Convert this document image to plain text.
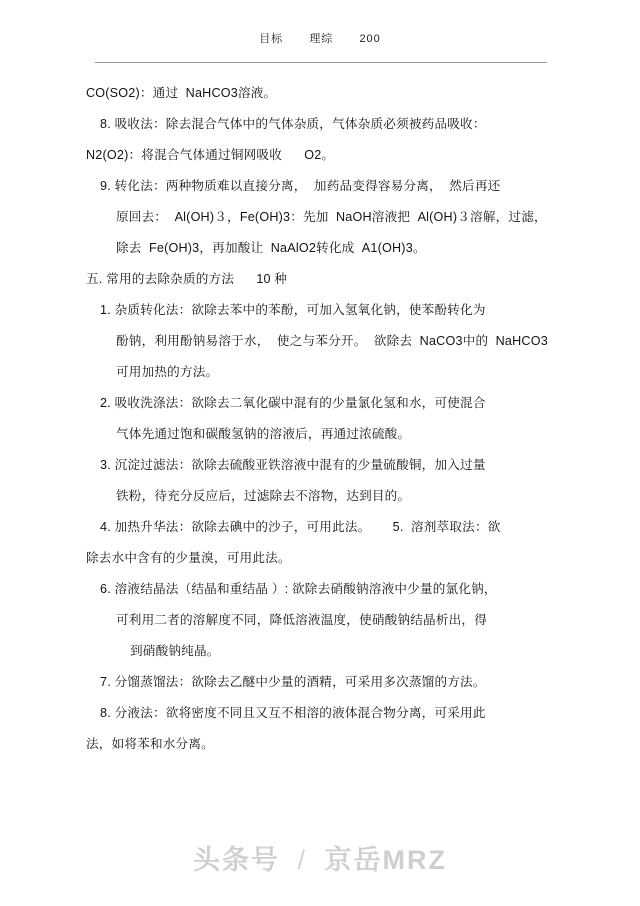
目标 理综 200
CO(SO2)：通过  NaHCO3溶液。
8. 吸收法：除去混合气体中的气体杂质，气体杂质必须被药品吸收：
N2(O2)：将混合气体通过铜网吸收      O2。
9. 转化法：两种物质难以直接分离，  加药品变得容易分离，  然后再还
原回去：  Al(OH)３，Fe(OH)3：先加  NaOH溶液把  Al(OH)３溶解，过滤，
除去  Fe(OH)3，再加酸让  NaAlO2转化成  A1(OH)3。
五. 常用的去除杂质的方法      10 种
1. 杂质转化法：欲除去苯中的苯酚，可加入氢氧化钠，使苯酚转化为
酚钠，利用酚钠易溶于水，  使之与苯分开。  欲除去  NaCO3中的  NaHCO3
可用加热的方法。
2. 吸收洗涤法：欲除去二氧化碳中混有的少量氯化氢和水，可使混合
气体先通过饱和碳酸氢钠的溶液后，再通过浓硫酸。
3. 沉淀过滤法：欲除去硫酸亚铁溶液中混有的少量硫酸铜，加入过量
铁粉，待充分反应后，过滤除去不溶物，达到目的。
4. 加热升华法：欲除去碘中的沙子，可用此法。      5.  溶剂萃取法：欲
除去水中含有的少量溴，可用此法。
6. 溶液结晶法（结晶和重结晶 ）: 欲除去硝酸钠溶液中少量的氯化钠，
可利用二者的溶解度不同，降低溶液温度，使硝酸钠结晶析出，得
到硝酸钠纯晶。
7. 分馏蒸馏法：欲除去乙醚中少量的酒精，可采用多次蒸馏的方法。
8. 分液法：欲将密度不同且又互不相溶的液体混合物分离，可采用此
法，如将苯和水分离。
头条号 / 京岳MRZ
